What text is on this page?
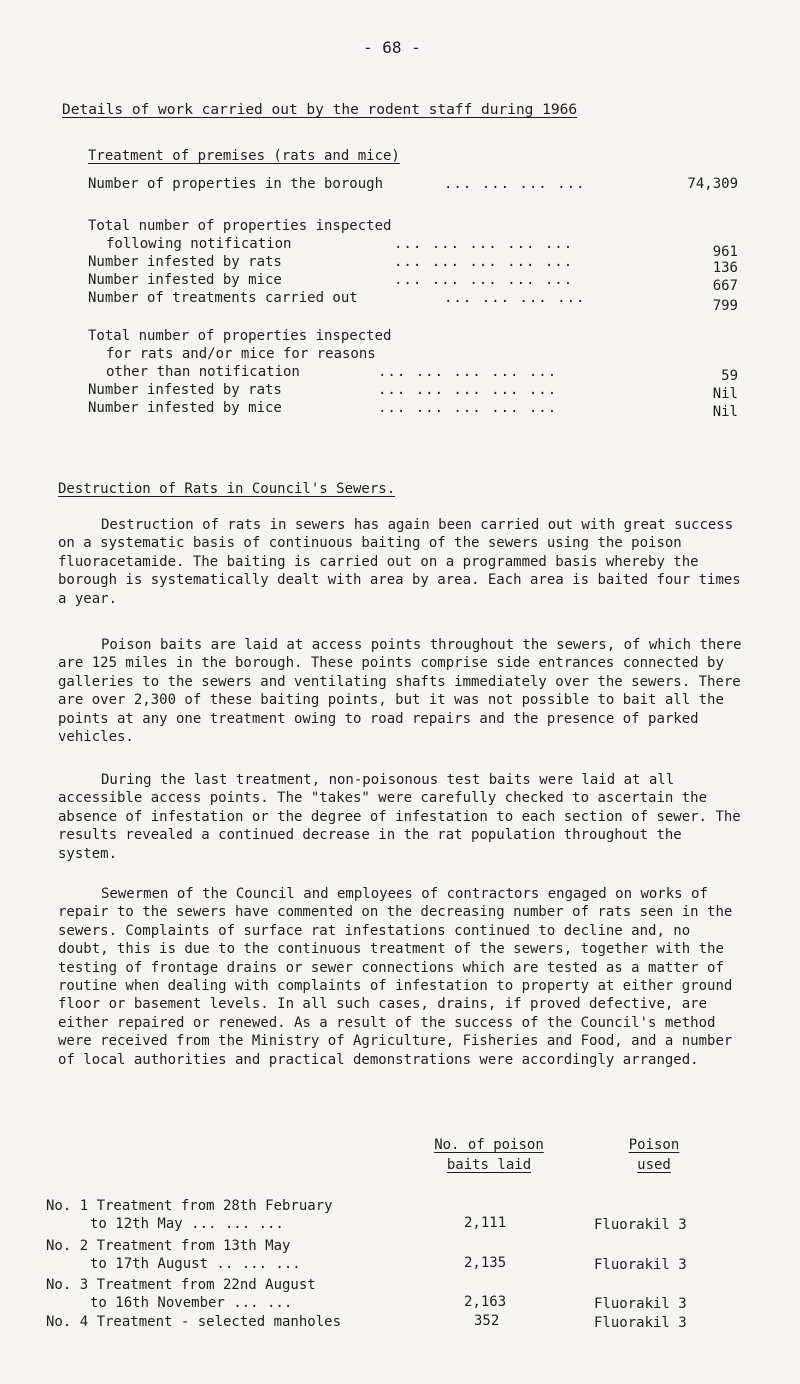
- 68 -
Details of work carried out by the rodent staff during 1966
Treatment of premises (rats and mice)
Number of properties in the borough	... ... ... ...	74,309
Total number of properties inspected
following notification	... ... ... ... ...	961
Number infested by rats	... ... ... ... ...	136
Number infested by mice	... ... ... ... ...	667
Number of treatments carried out	... ... ... ...	799
Total number of properties inspected
for rats and/or mice for reasons
other than notification	... ... ... ... ...	59
Number infested by rats	... ... ... ... ...	Nil
Number infested by mice	... ... ... ... ...	Nil
Destruction of Rats in Council's Sewers.

Destruction of rats in sewers has again been carried out with great success on a systematic basis of continuous baiting of the sewers using the poison fluoracetamide. The baiting is carried out on a programmed basis whereby the borough is systematically dealt with area by area. Each area is baited four times a year.

Poison baits are laid at access points throughout the sewers, of which there are 125 miles in the borough. These points comprise side entrances connected by galleries to the sewers and ventilating shafts immediately over the sewers. There are over 2,300 of these baiting points, but it was not possible to bait all the points at any one treatment owing to road repairs and the presence of parked vehicles.

During the last treatment, non-poisonous test baits were laid at all accessible access points. The "takes" were carefully checked to ascertain the absence of infestation or the degree of infestation to each section of sewer. The results revealed a continued decrease in the rat population throughout the system.

Sewermen of the Council and employees of contractors engaged on works of repair to the sewers have commented on the decreasing number of rats seen in the sewers. Complaints of surface rat infestations continued to decline and, no doubt, this is due to the continuous treatment of the sewers, together with the testing of frontage drains or sewer connections which are tested as a matter of routine when dealing with complaints of infestation to property at either ground floor or basement levels. In all such cases, drains, if proved defective, are either repaired or renewed. As a result of the success of the Council's method were received from the Ministry of Agriculture, Fisheries and Food, and a number of local authorities and practical demonstrations were accordingly arranged.

No. of poison
baits laid
Poison
used
No. 1 Treatment from 28th February
to 12th May ... ... ...	2,111	Fluorakil 3
No. 2 Treatment from 13th May
to 17th August .. ... ...	2,135	Fluorakil 3
No. 3 Treatment from 22nd August
to 16th November ... ...	2,163	Fluorakil 3
No. 4 Treatment - selected manholes	352	Fluorakil 3
